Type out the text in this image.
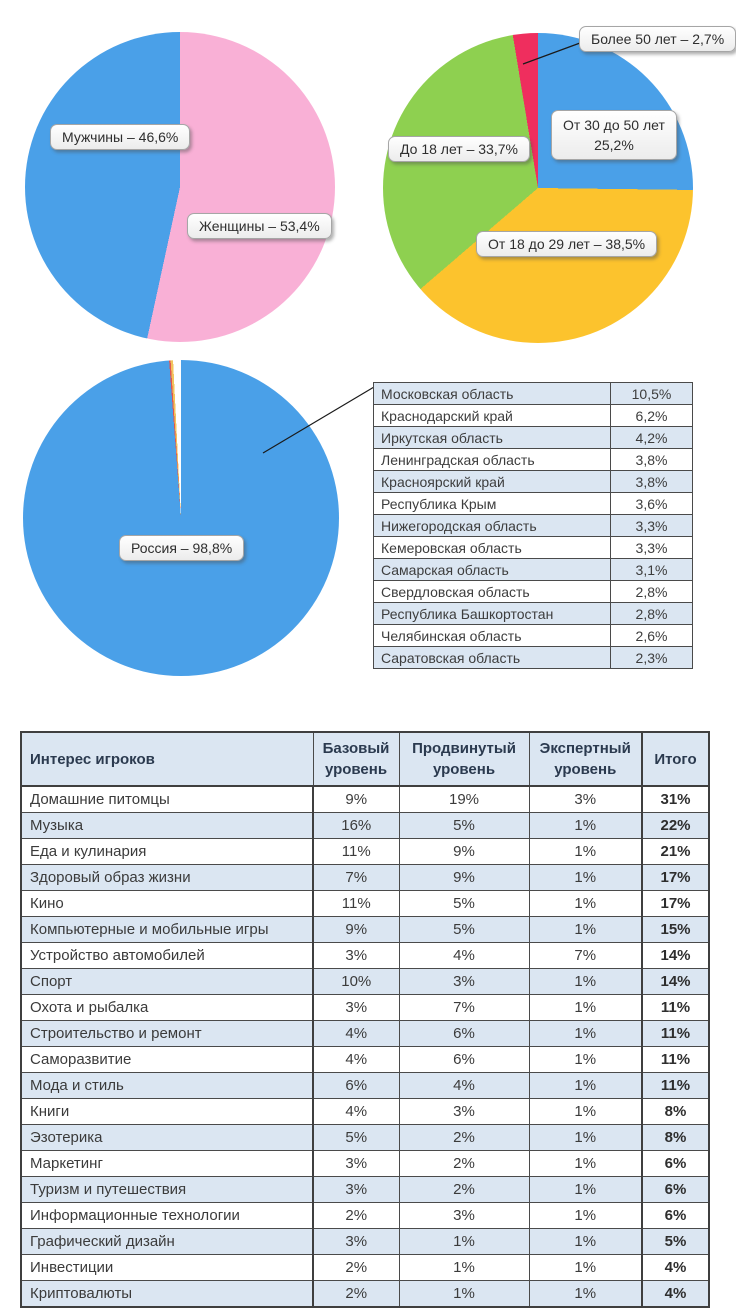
Мужчины – 46,6%
Женщины – 53,4%
Более 50 лет – 2,7%
От 30 до 50 лет
25,2%
До 18 лет – 33,7%
От 18 до 29 лет – 38,5%
Россия – 98,8%
Московская область	10,5%
Краснодарский край	6,2%
Иркутская область	4,2%
Ленинградская область	3,8%
Красноярский край	3,8%
Республика Крым	3,6%
Нижегородская область	3,3%
Кемеровская область	3,3%
Самарская область	3,1%
Свердловская область	2,8%
Республика Башкортостан	2,8%
Челябинская область	2,6%
Саратовская область	2,3%
Интерес игроков	Базовый уровень	Продвинутый уровень	Экспертный уровень	Итого
Домашние питомцы	9%	19%	3%	31%
Музыка	16%	5%	1%	22%
Еда и кулинария	11%	9%	1%	21%
Здоровый образ жизни	7%	9%	1%	17%
Кино	11%	5%	1%	17%
Компьютерные и мобильные игры	9%	5%	1%	15%
Устройство автомобилей	3%	4%	7%	14%
Спорт	10%	3%	1%	14%
Охота и рыбалка	3%	7%	1%	11%
Строительство и ремонт	4%	6%	1%	11%
Саморазвитие	4%	6%	1%	11%
Мода и стиль	6%	4%	1%	11%
Книги	4%	3%	1%	8%
Эзотерика	5%	2%	1%	8%
Маркетинг	3%	2%	1%	6%
Туризм и путешествия	3%	2%	1%	6%
Информационные технологии	2%	3%	1%	6%
Графический дизайн	3%	1%	1%	5%
Инвестиции	2%	1%	1%	4%
Криптовалюты	2%	1%	1%	4%
